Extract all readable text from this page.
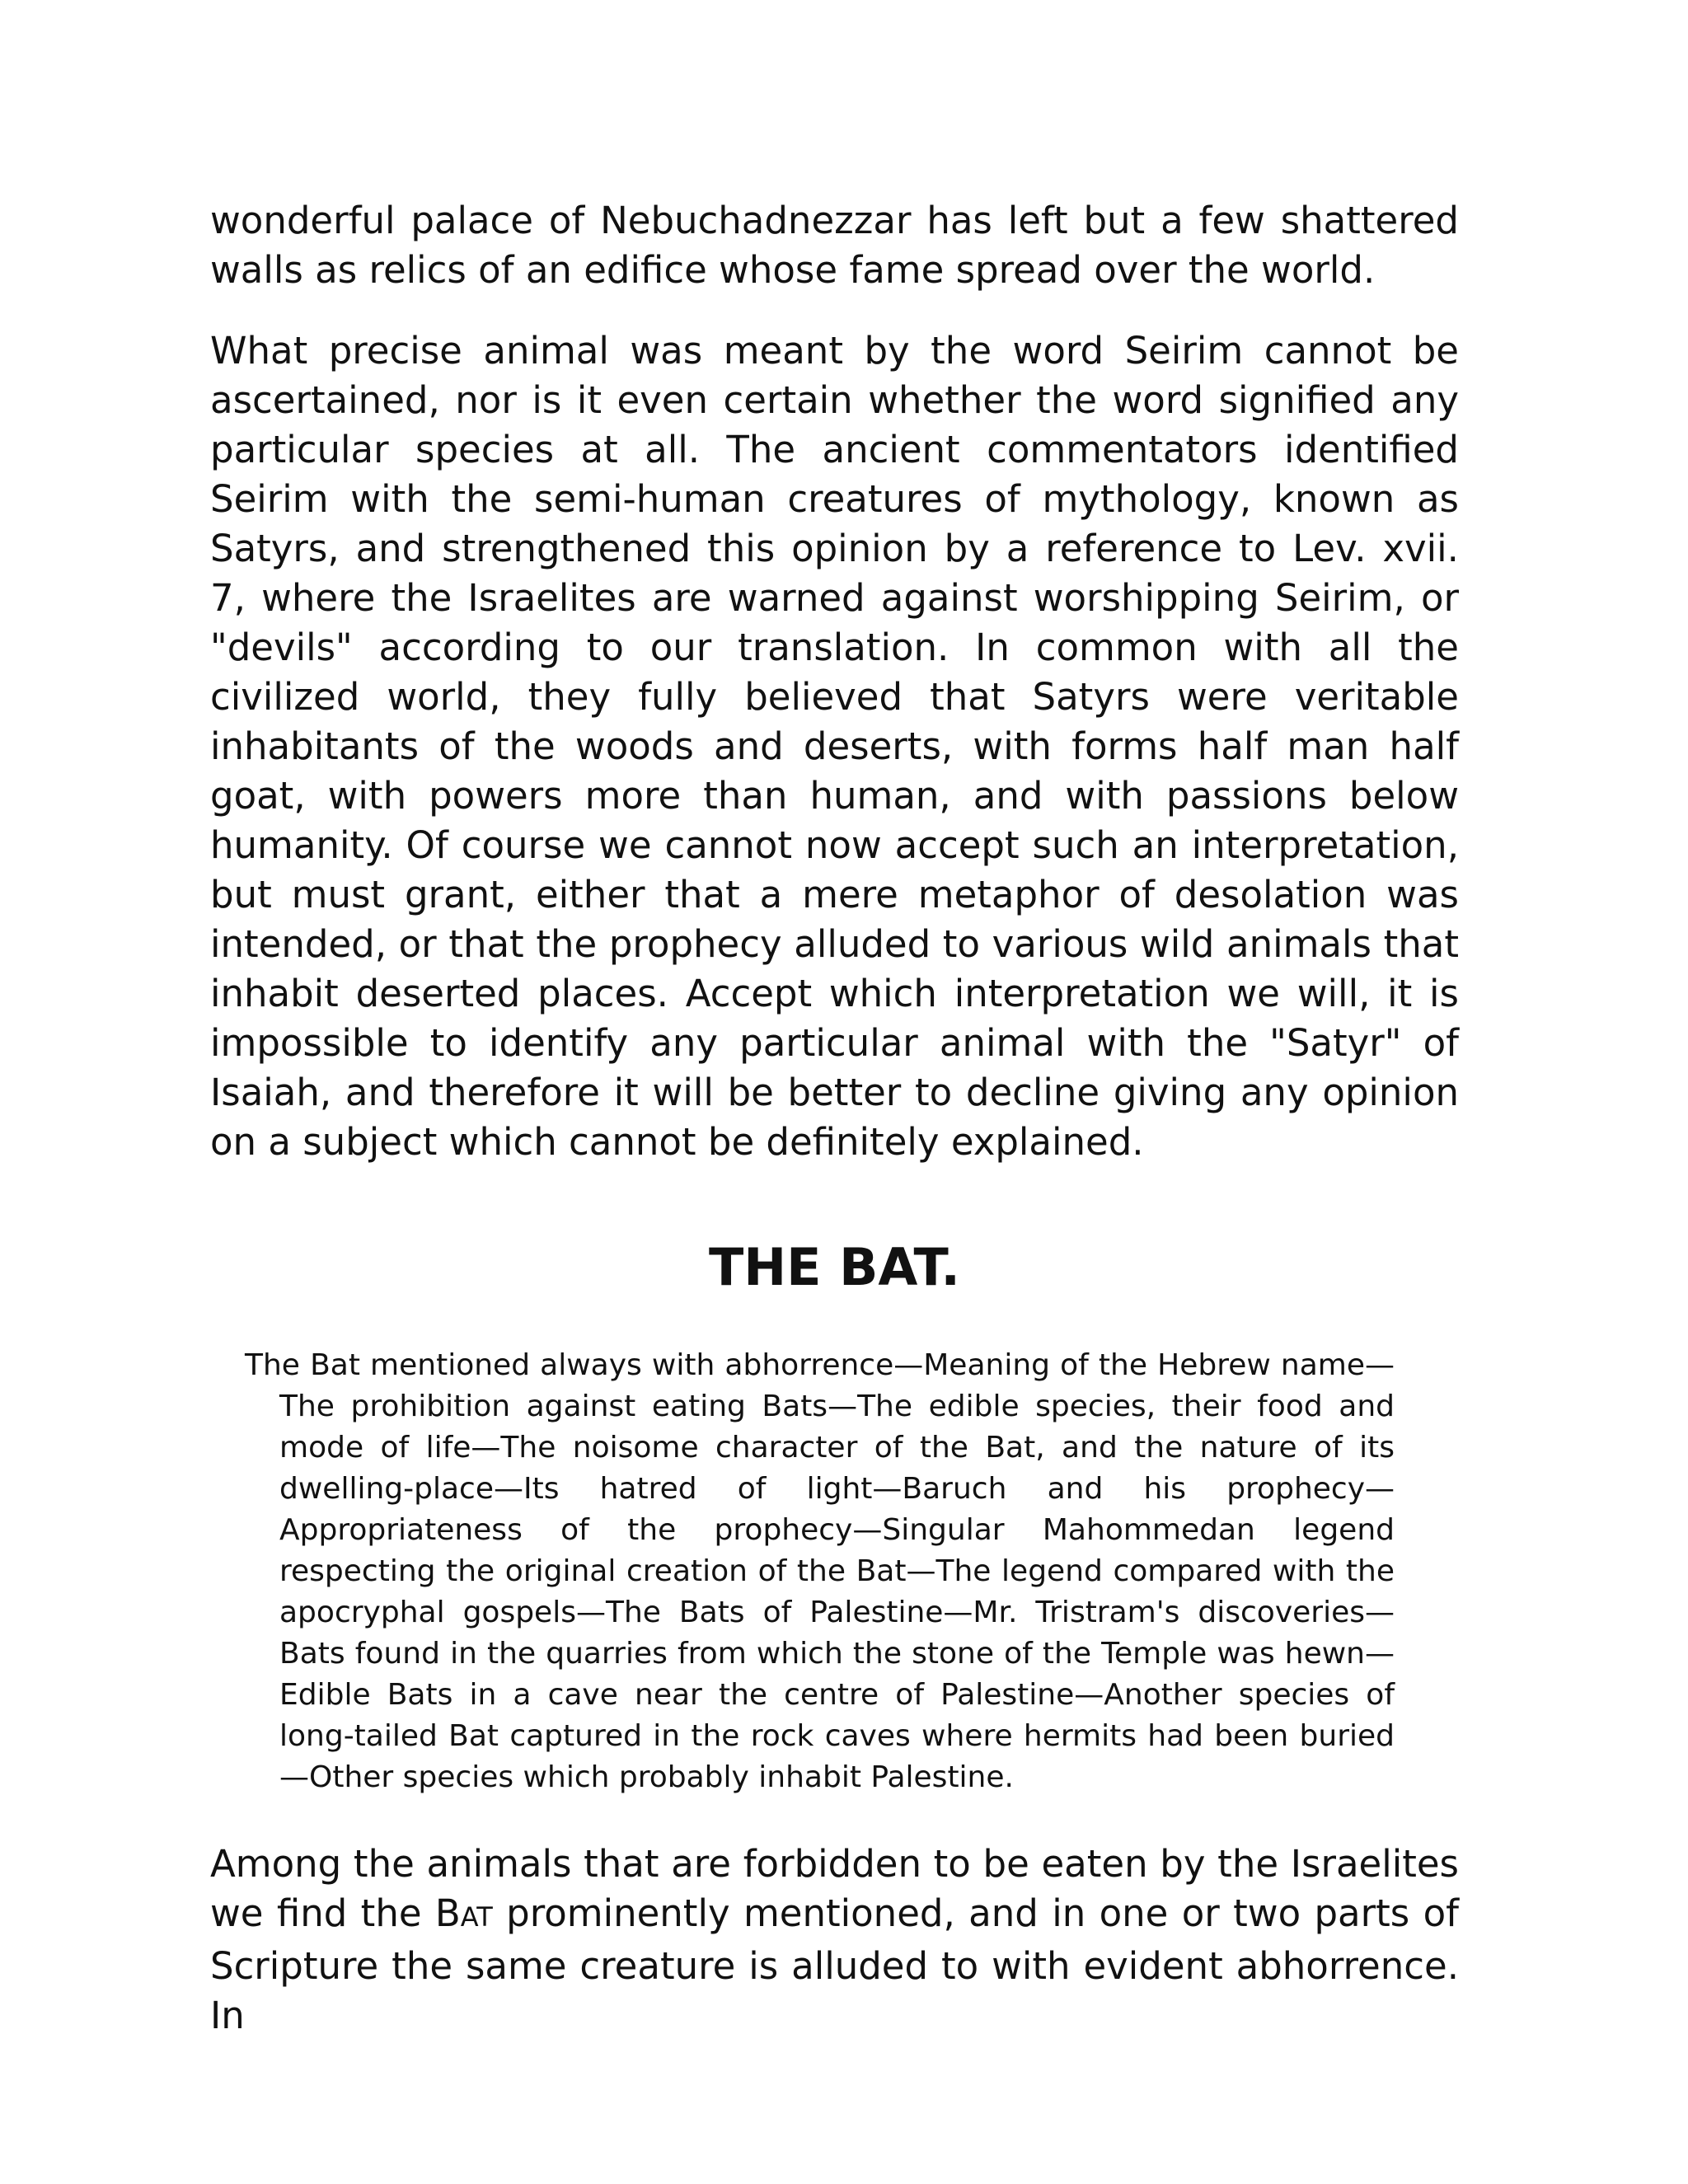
wonderful palace of Nebuchadnezzar has left but a few shattered walls as relics of an edifice whose fame spread over the world.

What precise animal was meant by the word Seirim cannot be ascertained, nor is it even certain whether the word signified any particular species at all. The ancient commentators identified Seirim with the semi-human creatures of mythology, known as Satyrs, and strengthened this opinion by a reference to Lev. xvii. 7, where the Israelites are warned against worshipping Seirim, or "devils" according to our translation. In common with all the civilized world, they fully believed that Satyrs were veritable inhabitants of the woods and deserts, with forms half man half goat, with powers more than human, and with passions below humanity. Of course we cannot now accept such an interpretation, but must grant, either that a mere metaphor of desolation was intended, or that the prophecy alluded to various wild animals that inhabit deserted places. Accept which interpretation we will, it is impossible to identify any particular animal with the "Satyr" of Isaiah, and therefore it will be better to decline giving any opinion on a subject which cannot be definitely explained.

THE BAT.

The Bat mentioned always with abhorrence—Meaning of the Hebrew name—The prohibition against eating Bats—The edible species, their food and mode of life—The noisome character of the Bat, and the nature of its dwelling-place—Its hatred of light—Baruch and his prophecy—Appropriateness of the prophecy—Singular Mahommedan legend respecting the original creation of the Bat—The legend compared with the apocryphal gospels—The Bats of Palestine—Mr. Tristram's discoveries—Bats found in the quarries from which the stone of the Temple was hewn—Edible Bats in a cave near the centre of Palestine—Another species of long-tailed Bat captured in the rock caves where hermits had been buried—Other species which probably inhabit Palestine.

Among the animals that are forbidden to be eaten by the Israelites we find the BAT prominently mentioned, and in one or two parts of Scripture the same creature is alluded to with evident abhorrence. In
